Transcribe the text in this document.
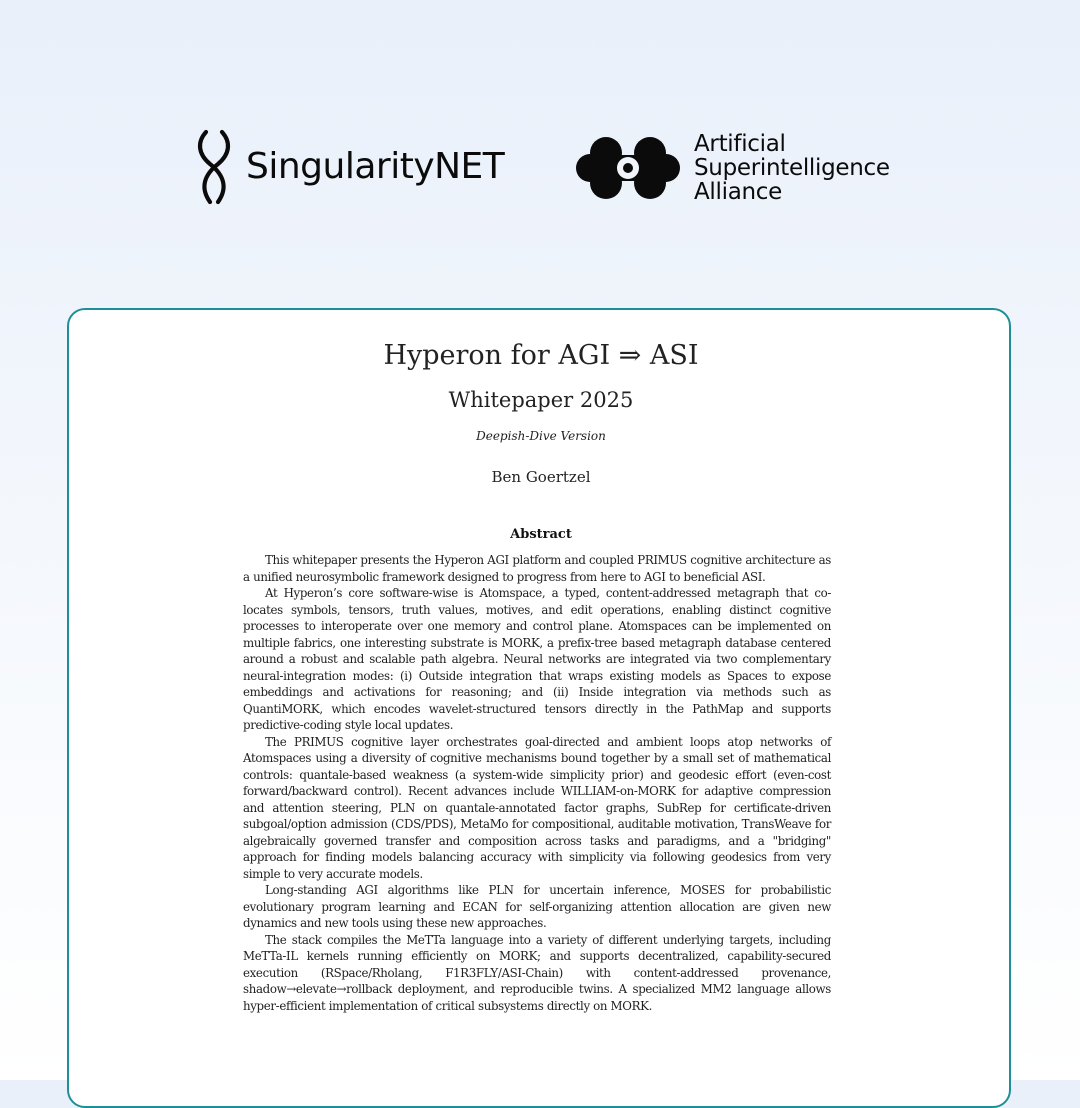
SingularityNET
Artificial
Superintelligence
Alliance
Hyperon for AGI ⇒ ASI
Whitepaper 2025
Deepish-Dive Version
Ben Goertzel
Abstract

This whitepaper presents the Hyperon AGI platform and coupled PRIMUS cognitive architecture as a unified neurosymbolic framework designed to progress from here to AGI to beneficial ASI.

At Hyperon’s core software-wise is Atomspace, a typed, content-addressed metagraph that co-locates symbols, tensors, truth values, motives, and edit operations, enabling distinct cognitive processes to interoperate over one memory and control plane. Atomspaces can be implemented on multiple fabrics, one interesting substrate is MORK, a prefix-tree based metagraph database centered around a robust and scalable path algebra. Neural networks are integrated via two complementary neural-integration modes: (i) Outside integration that wraps existing models as Spaces to expose embeddings and activations for reasoning; and (ii) Inside integration via methods such as QuantiMORK, which encodes wavelet-structured tensors directly in the PathMap and supports predictive-coding style local updates.

The PRIMUS cognitive layer orchestrates goal-directed and ambient loops atop networks of Atomspaces using a diversity of cognitive mechanisms bound together by a small set of mathematical controls: quantale-based weakness (a system-wide simplicity prior) and geodesic effort (even-cost forward/backward control). Recent advances include WILLIAM-on-MORK for adaptive compression and attention steering, PLN on quantale-annotated factor graphs, SubRep for certificate-driven subgoal/option admission (CDS/PDS), MetaMo for compositional, auditable motivation, TransWeave for algebraically governed transfer and composition across tasks and paradigms, and a "bridging" approach for finding models balancing accuracy with simplicity via following geodesics from very simple to very accurate models.

Long-standing AGI algorithms like PLN for uncertain inference, MOSES for probabilistic evolutionary program learning and ECAN for self-organizing attention allocation are given new dynamics and new tools using these new approaches.

The stack compiles the MeTTa language into a variety of different underlying targets, including MeTTa-IL kernels running efficiently on MORK; and supports decentralized, capability-secured execution (RSpace/Rholang, F1R3FLY/ASI-Chain) with content-addressed provenance, shadow→elevate→rollback deployment, and reproducible twins. A specialized MM2 language allows hyper-efficient implementation of critical subsystems directly on MORK.
